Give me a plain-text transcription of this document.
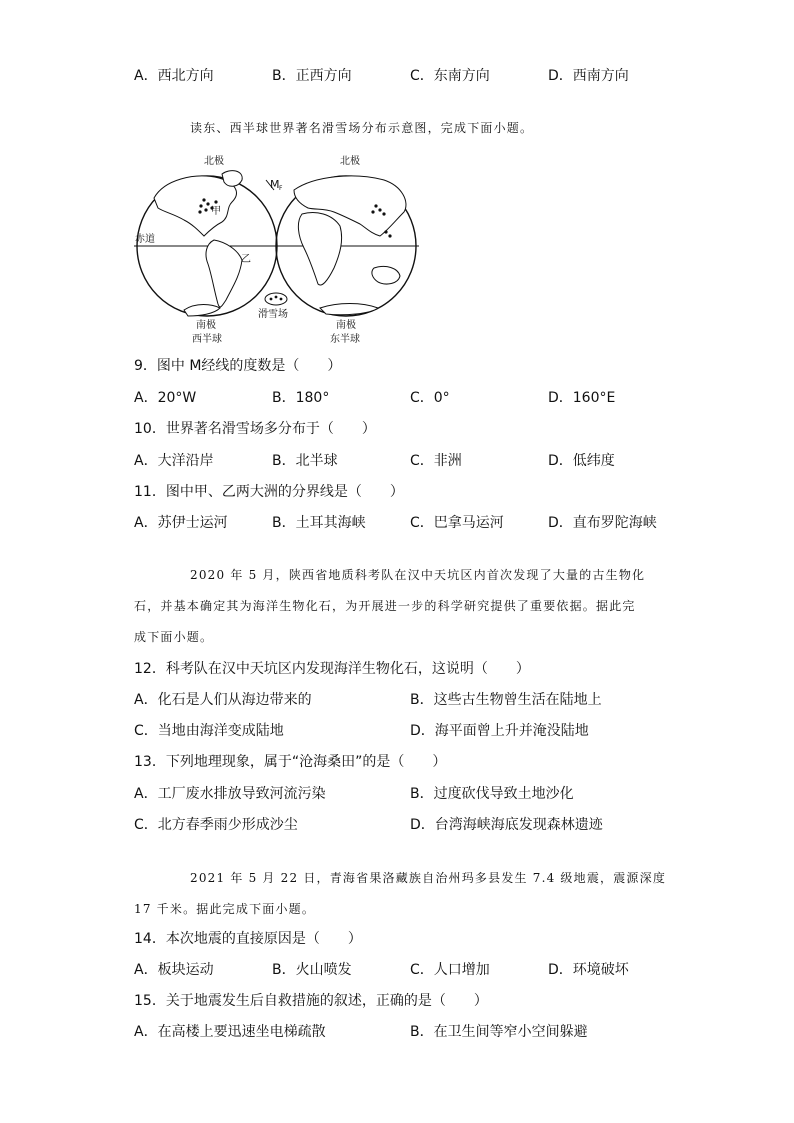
A．西北方向	B．正西方向	C．东南方向	D．西南方向
读东、西半球世界著名滑雪场分布示意图，完成下面小题。
北极	北极
M F
甲
赤道
乙
滑雪场
南极
西半球
南极
东半球
9．图中 M经线的度数是（　　）
A．20°W	B．180°	C．0°	D．160°E
10．世界著名滑雪场多分布于（　　）
A．大洋沿岸	B．北半球	C．非洲	D．低纬度
11．图中甲、乙两大洲的分界线是（　　）
A．苏伊士运河	B．土耳其海峡	C．巴拿马运河	D．直布罗陀海峡
2020 年 5 月，陕西省地质科考队在汉中天坑区内首次发现了大量的古生物化
石，并基本确定其为海洋生物化石，为开展进一步的科学研究提供了重要依据。据此完
成下面小题。
12．科考队在汉中天坑区内发现海洋生物化石，这说明（　　）
A．化石是人们从海边带来的	B．这些古生物曾生活在陆地上
C．当地由海洋变成陆地	D．海平面曾上升并淹没陆地
13．下列地理现象，属于“沧海桑田”的是（　　）
A．工厂废水排放导致河流污染	B．过度砍伐导致土地沙化
C．北方春季雨少形成沙尘	D．台湾海峡海底发现森林遗迹
2021 年 5 月 22 日，青海省果洛藏族自治州玛多县发生 7.4 级地震，震源深度
17 千米。据此完成下面小题。
14．本次地震的直接原因是（　　）
A．板块运动	B．火山喷发	C．人口增加	D．环境破坏
15．关于地震发生后自救措施的叙述，正确的是（　　）
A．在高楼上要迅速坐电梯疏散	B．在卫生间等窄小空间躲避
